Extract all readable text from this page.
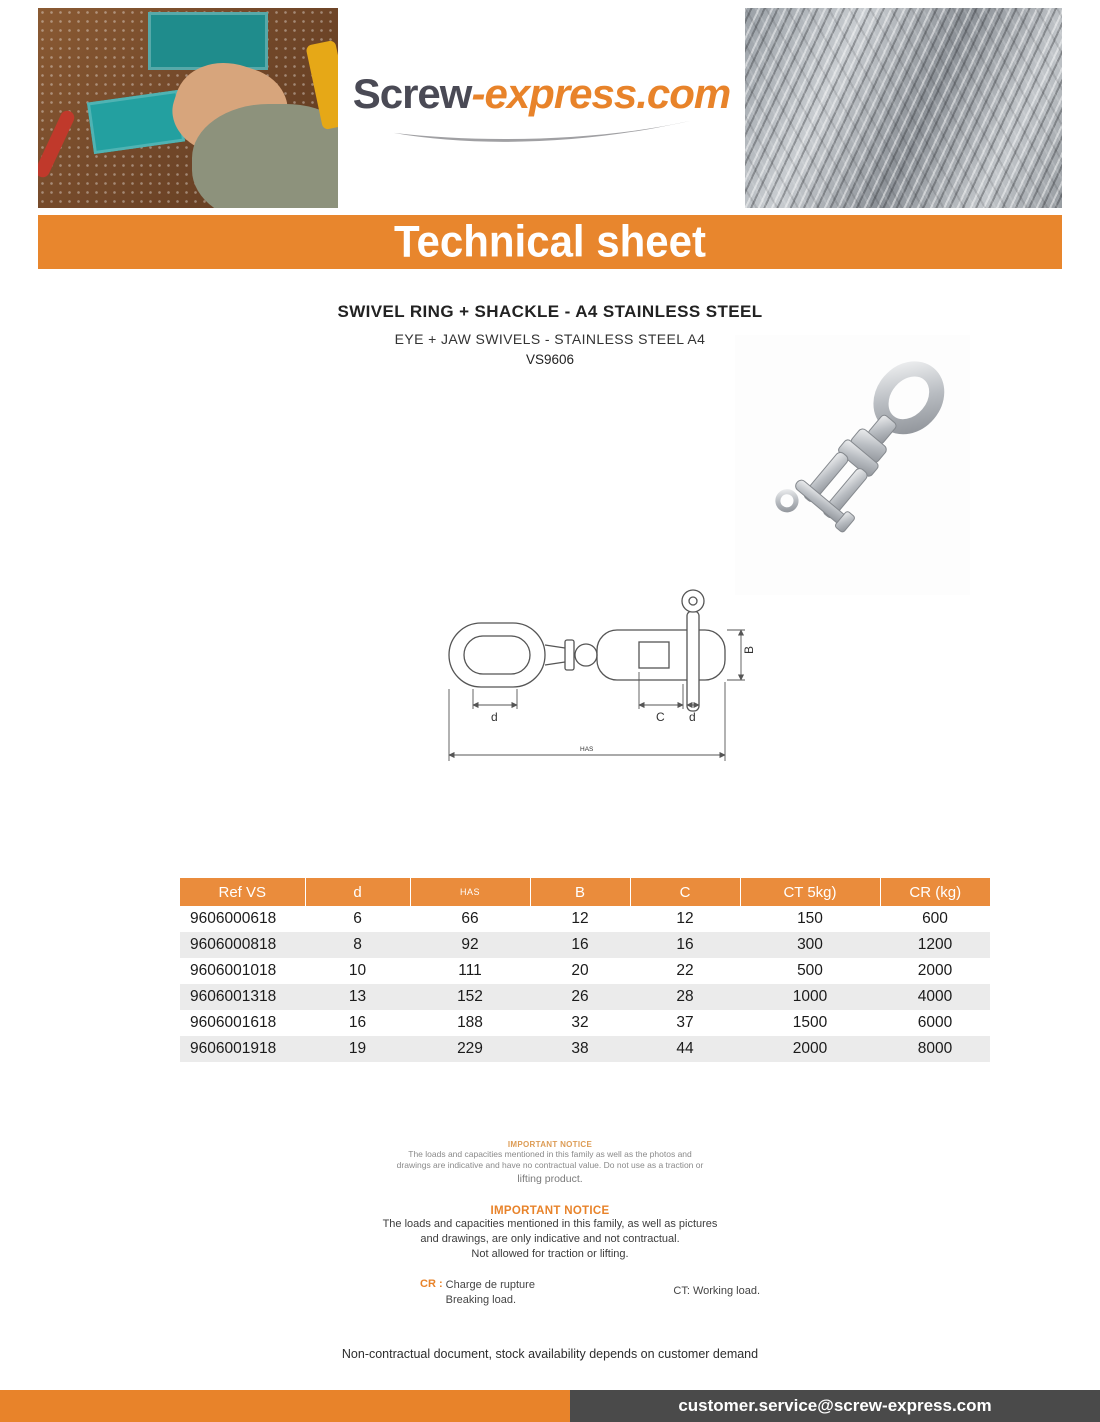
Screw-express.com
Technical sheet
SWIVEL RING + SHACKLE - A4 STAINLESS STEEL
EYE + JAW SWIVELS - STAINLESS STEEL A4
VS9606
d	C d
B
HAS
Ref VS	d	HAS	B	C	CT 5kg)	CR (kg)
9606000618	6	66	12	12	150	600
9606000818	8	92	16	16	300	1200
9606001018	10	111	20	22	500	2000
9606001318	13	152	26	28	1000	4000
9606001618	16	188	32	37	1500	6000
9606001918	19	229	38	44	2000	8000
IMPORTANT NOTICE
The loads and capacities mentioned in this family as well as the photos and
drawings are indicative and have no contractual value. Do not use as a traction or
lifting product.
IMPORTANT NOTICE
The loads and capacities mentioned in this family, as well as pictures
and drawings, are only indicative and not contractual.
Not allowed for traction or lifting.
CR : Charge de rupture
Breaking load.
CT: Working load.
Non-contractual document, stock availability depends on customer demand
customer.service@screw-express.com
